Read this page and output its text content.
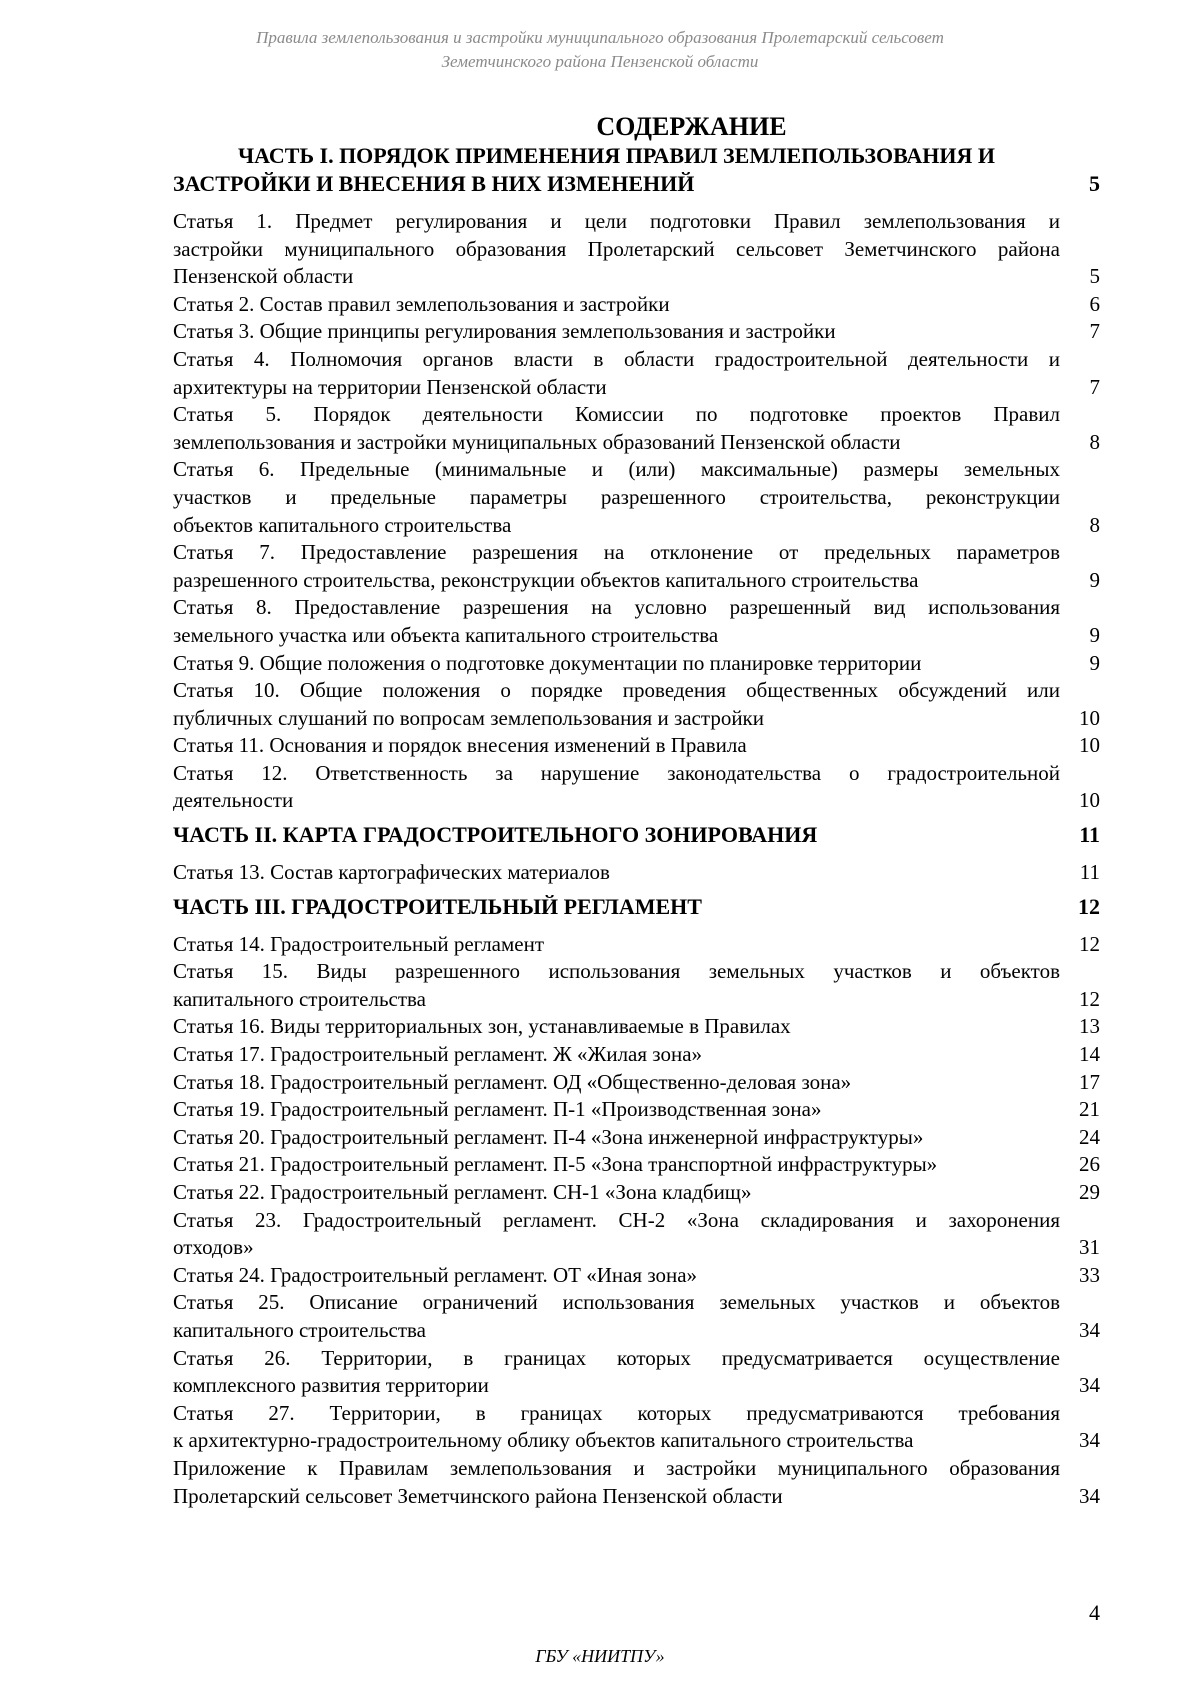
Правила землепользования и застройки муниципального образования Пролетарский сельсовет
Земетчинского района Пензенской области
СОДЕРЖАНИЕ
ЧАСТЬ I. ПОРЯДОК ПРИМЕНЕНИЯ ПРАВИЛ ЗЕМЛЕПОЛЬЗОВАНИЯ И
ЗАСТРОЙКИ И ВНЕСЕНИЯ В НИХ ИЗМЕНЕНИЙ	5
Статья 1. Предмет регулирования и цели подготовки Правил землепользования и
застройки муниципального образования Пролетарский сельсовет Земетчинского района
Пензенской области	5
Статья 2. Состав правил землепользования и застройки	6
Статья 3. Общие принципы регулирования землепользования и застройки	7
Статья 4. Полномочия органов власти в области градостроительной деятельности и
архитектуры на территории Пензенской области	7
Статья 5. Порядок деятельности Комиссии по подготовке проектов Правил
землепользования и застройки муниципальных образований Пензенской области	8
Статья 6. Предельные (минимальные и (или) максимальные) размеры земельных
участков и предельные параметры разрешенного строительства, реконструкции
объектов капитального строительства	8
Статья 7. Предоставление разрешения на отклонение от предельных параметров
разрешенного строительства, реконструкции объектов капитального строительства	9
Статья 8. Предоставление разрешения на условно разрешенный вид использования
земельного участка или объекта капитального строительства	9
Статья 9. Общие положения о подготовке документации по планировке территории	9
Статья 10. Общие положения о порядке проведения общественных обсуждений или
публичных слушаний по вопросам землепользования и застройки	10
Статья 11. Основания и порядок внесения изменений в Правила	10
Статья 12. Ответственность за нарушение законодательства о градостроительной
деятельности	10
ЧАСТЬ II. КАРТА ГРАДОСТРОИТЕЛЬНОГО ЗОНИРОВАНИЯ	11
Статья 13. Состав картографических материалов	11
ЧАСТЬ III. ГРАДОСТРОИТЕЛЬНЫЙ РЕГЛАМЕНТ	12
Статья 14. Градостроительный регламент	12
Статья 15. Виды разрешенного использования земельных участков и объектов
капитального строительства	12
Статья 16. Виды территориальных зон, устанавливаемые в Правилах	13
Статья 17. Градостроительный регламент. Ж «Жилая зона»	14
Статья 18. Градостроительный регламент. ОД «Общественно-деловая зона»	17
Статья 19. Градостроительный регламент. П-1 «Производственная зона»	21
Статья 20. Градостроительный регламент. П-4 «Зона инженерной инфраструктуры»	24
Статья 21. Градостроительный регламент. П-5 «Зона транспортной инфраструктуры»	26
Статья 22. Градостроительный регламент. СН-1 «Зона кладбищ»	29
Статья 23. Градостроительный регламент. СН-2 «Зона складирования и захоронения
отходов»	31
Статья 24. Градостроительный регламент. ОТ «Иная зона»	33
Статья 25. Описание ограничений использования земельных участков и объектов
капитального строительства	34
Статья 26. Территории, в границах которых предусматривается осуществление
комплексного развития территории	34
Статья 27. Территории, в границах которых предусматриваются требования
к архитектурно-градостроительному облику объектов капитального строительства	34
Приложение к Правилам землепользования и застройки муниципального образования
Пролетарский сельсовет Земетчинского района Пензенской области	34
4
ГБУ «НИИТПУ»
